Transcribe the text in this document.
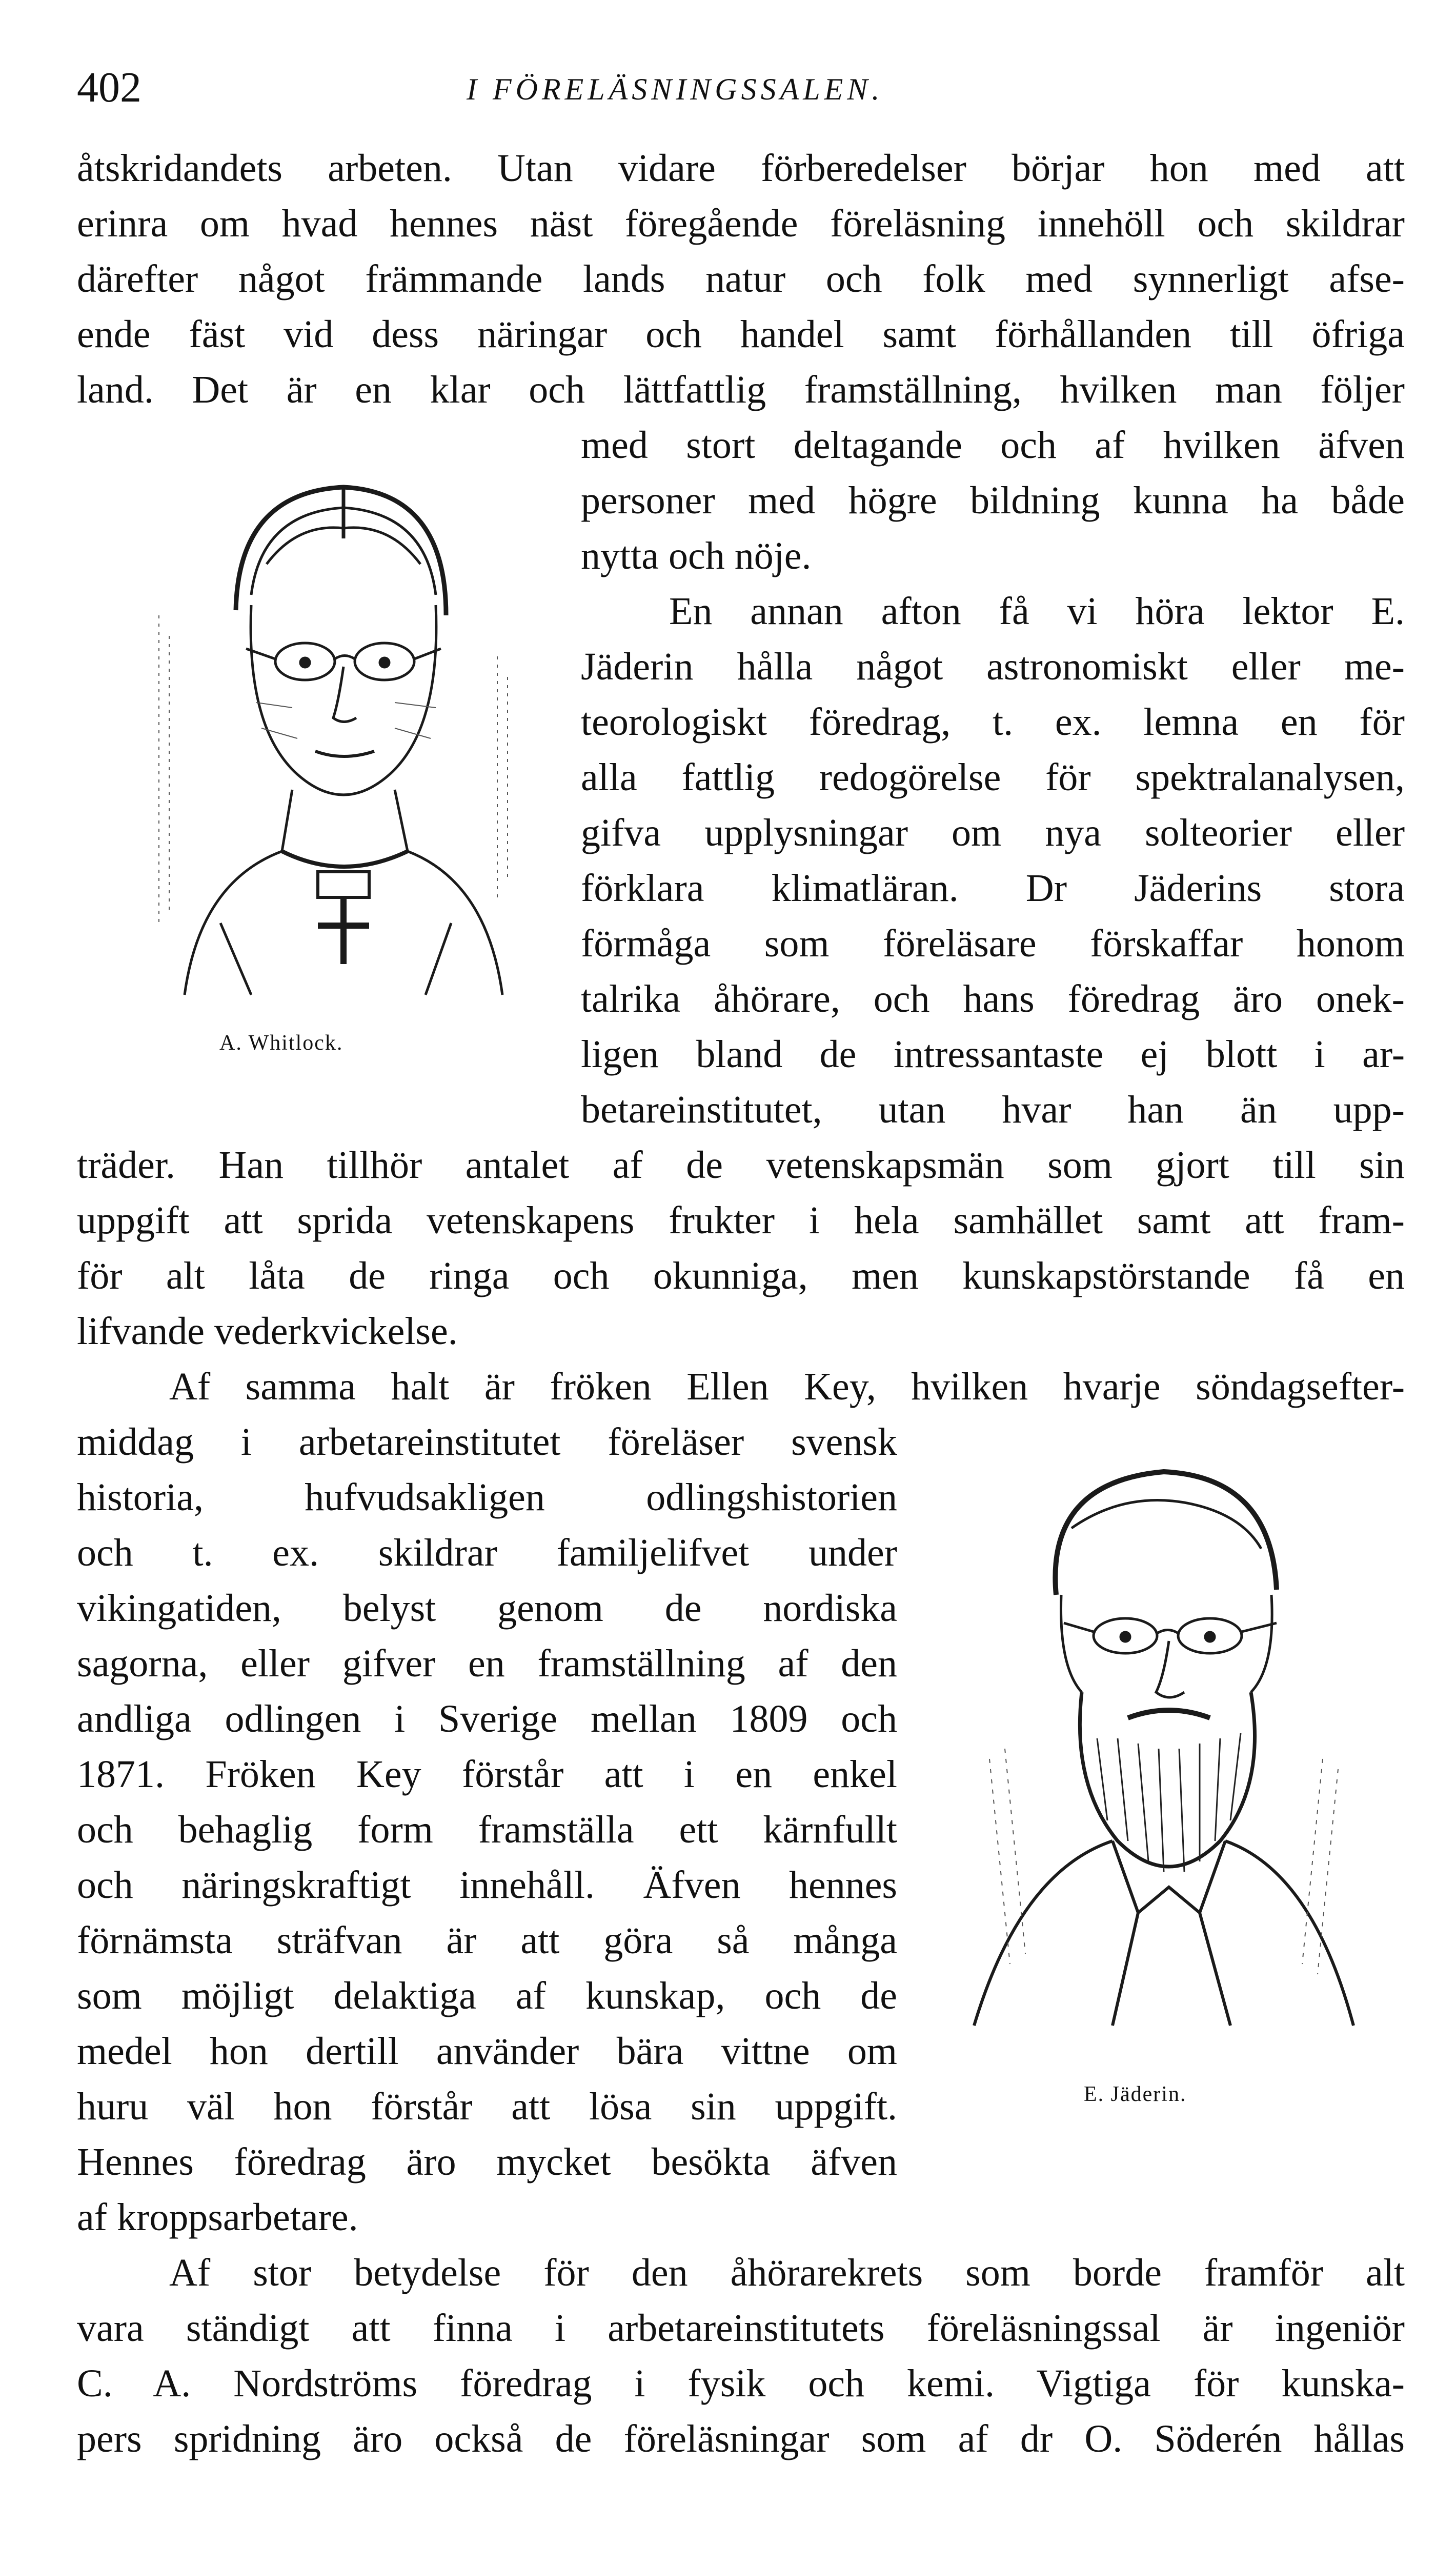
402	I FÖRELÄSNINGSSALEN.
åtskridandets arbeten. Utan vidare förberedelser börjar hon med att
erinra om hvad hennes näst föregående föreläsning innehöll och skildrar
därefter något främmande lands natur och folk med synnerligt afse-
ende fäst vid dess näringar och handel samt förhållanden till öfriga
land. Det är en klar och lättfattlig framställning, hvilken man följer
med stort deltagande och af hvilken äfven
personer med högre bildning kunna ha både
nytta och nöje.
En annan afton få vi höra lektor E.
Jäderin hålla något astronomiskt eller me-
teorologiskt föredrag, t. ex. lemna en för
alla fattlig redogörelse för spektralanalysen,
gifva upplysningar om nya solteorier eller
förklara klimatläran. Dr Jäderins stora
förmåga som föreläsare förskaffar honom
talrika åhörare, och hans föredrag äro onek-
ligen bland de intressantaste ej blott i ar-
betareinstitutet, utan hvar han än upp-
A. Whitlock.
träder. Han tillhör antalet af de vetenskapsmän som gjort till sin
uppgift att sprida vetenskapens frukter i hela samhället samt att fram-
för alt låta de ringa och okunniga, men kunskapstörstande få en
lifvande vederkvickelse.
Af samma halt är fröken Ellen Key, hvilken hvarje söndagsefter-
middag i arbetareinstitutet föreläser svensk
historia, hufvudsakligen odlingshistorien
och t. ex. skildrar familjelifvet under
vikingatiden, belyst genom de nordiska
sagorna, eller gifver en framställning af den
andliga odlingen i Sverige mellan 1809 och
1871. Fröken Key förstår att i en enkel
och behaglig form framställa ett kärnfullt
och näringskraftigt innehåll. Äfven hennes
förnämsta sträfvan är att göra så många
som möjligt delaktiga af kunskap, och de
medel hon dertill använder bära vittne om
huru väl hon förstår att lösa sin uppgift.
Hennes föredrag äro mycket besökta äfven
af kroppsarbetare.
E. Jäderin.
Af stor betydelse för den åhörarekrets som borde framför alt
vara ständigt att finna i arbetareinstitutets föreläsningssal är ingeniör
C. A. Nordströms föredrag i fysik och kemi. Vigtiga för kunska-
pers spridning äro också de föreläsningar som af dr O. Söderén hållas
